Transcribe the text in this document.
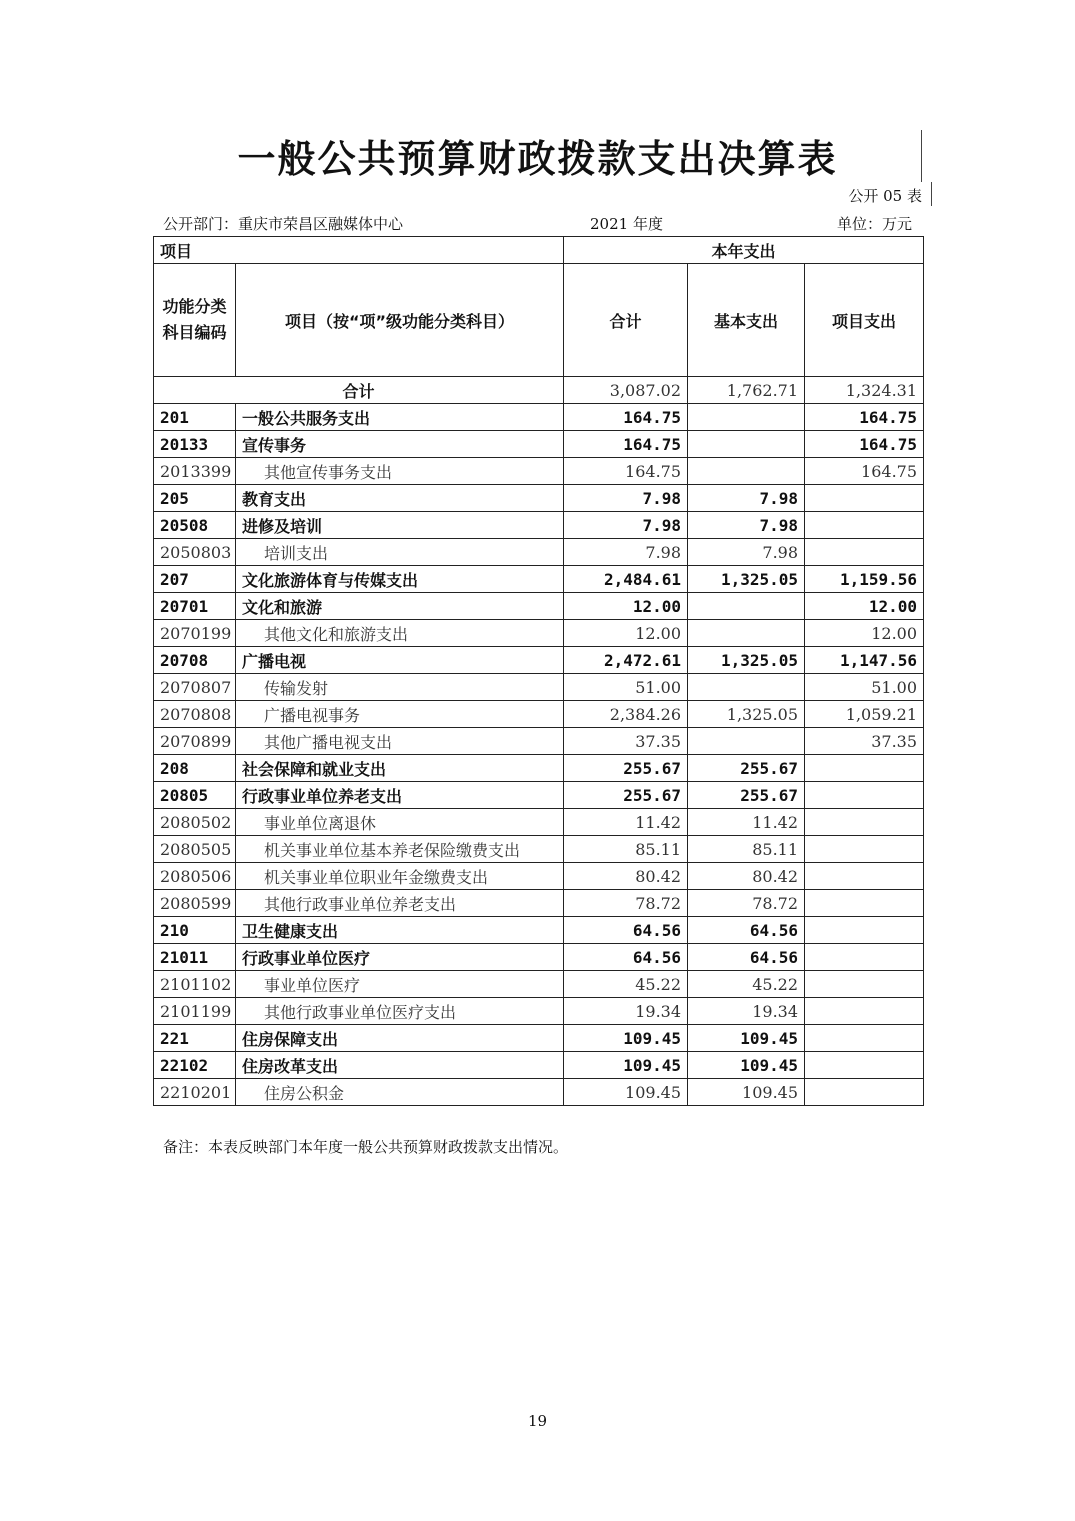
一般公共预算财政拨款支出决算表
公开 05 表
公开部门：重庆市荣昌区融媒体中心	2021 年度	单位：万元
项目		本年支出		
功能分类科目编码	项目（按“项”级功能分类科目）	合计	基本支出	项目支出
合计		3,087.02	1,762.71	1,324.31
201	一般公共服务支出	164.75		164.75
20133	宣传事务	164.75		164.75
2013399	其他宣传事务支出	164.75		164.75
205	教育支出	7.98	7.98	
20508	进修及培训	7.98	7.98	
2050803	培训支出	7.98	7.98	
207	文化旅游体育与传媒支出	2,484.61	1,325.05	1,159.56
20701	文化和旅游	12.00		12.00
2070199	其他文化和旅游支出	12.00		12.00
20708	广播电视	2,472.61	1,325.05	1,147.56
2070807	传输发射	51.00		51.00
2070808	广播电视事务	2,384.26	1,325.05	1,059.21
2070899	其他广播电视支出	37.35		37.35
208	社会保障和就业支出	255.67	255.67	
20805	行政事业单位养老支出	255.67	255.67	
2080502	事业单位离退休	11.42	11.42	
2080505	机关事业单位基本养老保险缴费支出	85.11	85.11	
2080506	机关事业单位职业年金缴费支出	80.42	80.42	
2080599	其他行政事业单位养老支出	78.72	78.72	
210	卫生健康支出	64.56	64.56	
21011	行政事业单位医疗	64.56	64.56	
2101102	事业单位医疗	45.22	45.22	
2101199	其他行政事业单位医疗支出	19.34	19.34	
221	住房保障支出	109.45	109.45	
22102	住房改革支出	109.45	109.45	
2210201	住房公积金	109.45	109.45	
备注：本表反映部门本年度一般公共预算财政拨款支出情况。
19
